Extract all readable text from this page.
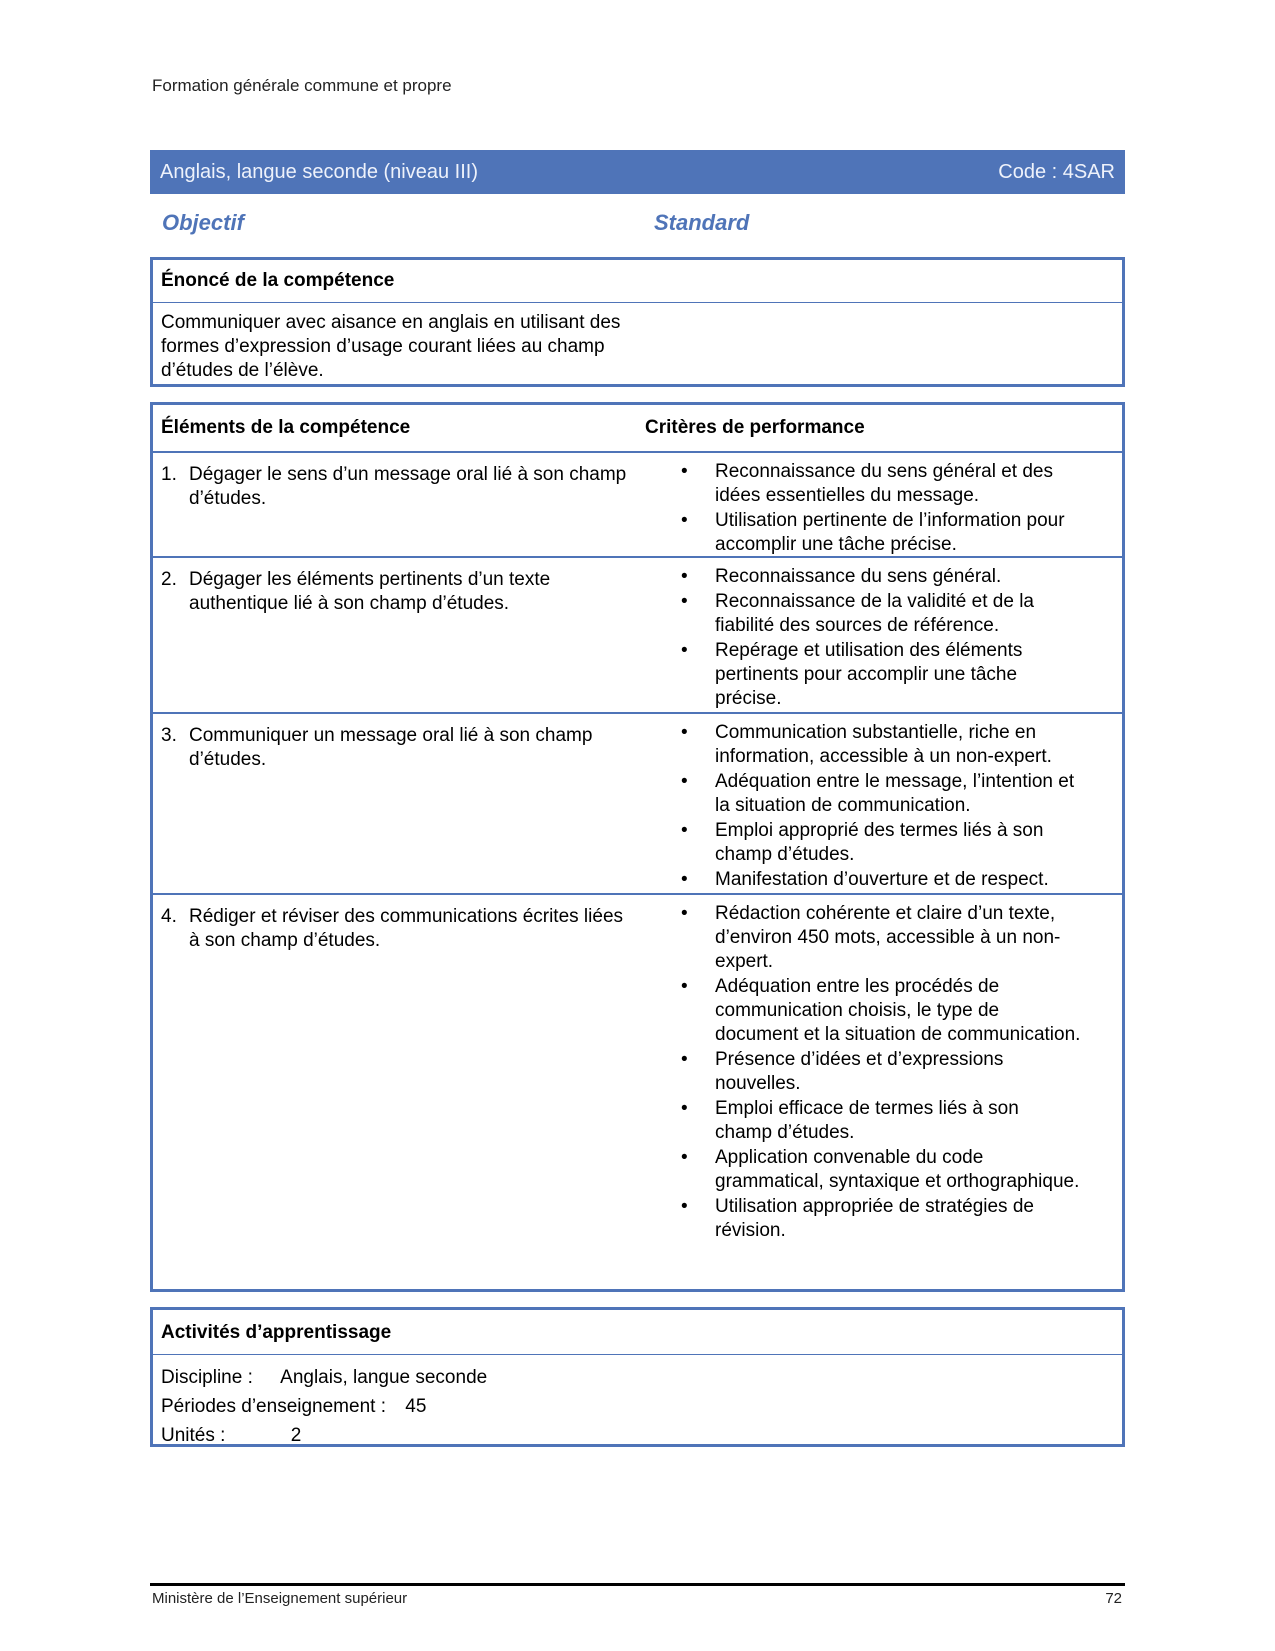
Formation générale commune et propre
Anglais, langue seconde (niveau III)	Code : 4SAR
Objectif	Standard
Énoncé de la compétence
Communiquer avec aisance en anglais en utilisant des formes d’expression d’usage courant liées au champ d’études de l’élève.
Éléments de la compétence	Critères de performance
1. Dégager le sens d’un message oral lié à son champ d’études.
• Reconnaissance du sens général et des idées essentielles du message.
• Utilisation pertinente de l’information pour accomplir une tâche précise.
2. Dégager les éléments pertinents d’un texte authentique lié à son champ d’études.
• Reconnaissance du sens général.
• Reconnaissance de la validité et de la fiabilité des sources de référence.
• Repérage et utilisation des éléments pertinents pour accomplir une tâche précise.
3. Communiquer un message oral lié à son champ d’études.
• Communication substantielle, riche en information, accessible à un non-expert.
• Adéquation entre le message, l’intention et la situation de communication.
• Emploi approprié des termes liés à son champ d’études.
• Manifestation d’ouverture et de respect.
4. Rédiger et réviser des communications écrites liées à son champ d’études.
• Rédaction cohérente et claire d’un texte, d’environ 450 mots, accessible à un non-expert.
• Adéquation entre les procédés de communication choisis, le type de document et la situation de communication.
• Présence d’idées et d’expressions nouvelles.
• Emploi efficace de termes liés à son champ d’études.
• Application convenable du code grammatical, syntaxique et orthographique.
• Utilisation appropriée de stratégies de révision.
Activités d’apprentissage
Discipline : Anglais, langue seconde
Périodes d’enseignement : 45
Unités :	2
Ministère de l’Enseignement supérieur	72
